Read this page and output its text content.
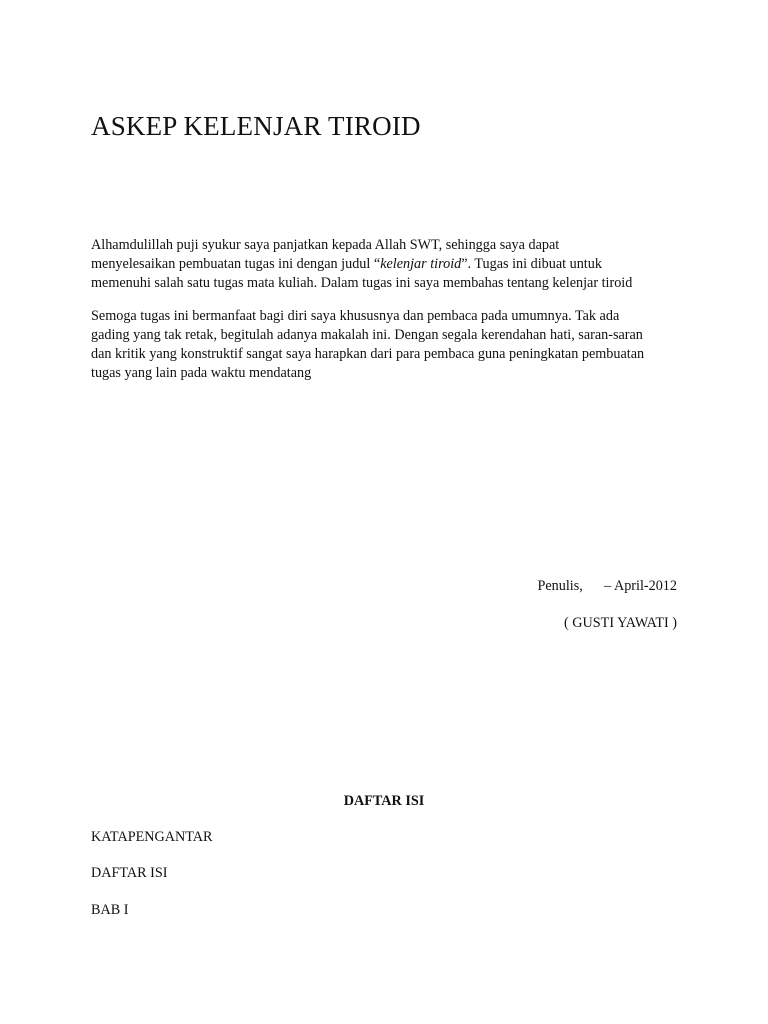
ASKEP KELENJAR TIROID

Alhamdulillah puji syukur saya panjatkan kepada Allah SWT, sehingga saya dapat
menyelesaikan pembuatan tugas ini dengan judul “kelenjar tiroid”. Tugas ini dibuat untuk
memenuhi salah satu tugas mata kuliah. Dalam tugas ini saya membahas tentang kelenjar tiroid

Semoga tugas ini bermanfaat bagi diri saya khususnya dan pembaca pada umumnya. Tak ada
gading yang tak retak, begitulah adanya makalah ini. Dengan segala kerendahan hati, saran-saran
dan kritik yang konstruktif sangat saya harapkan dari para pembaca guna peningkatan pembuatan
tugas yang lain pada waktu mendatang

Penulis,      – April-2012
( GUSTI YAWATI )
DAFTAR ISI

KATAPENGANTAR

DAFTAR ISI

BAB I
